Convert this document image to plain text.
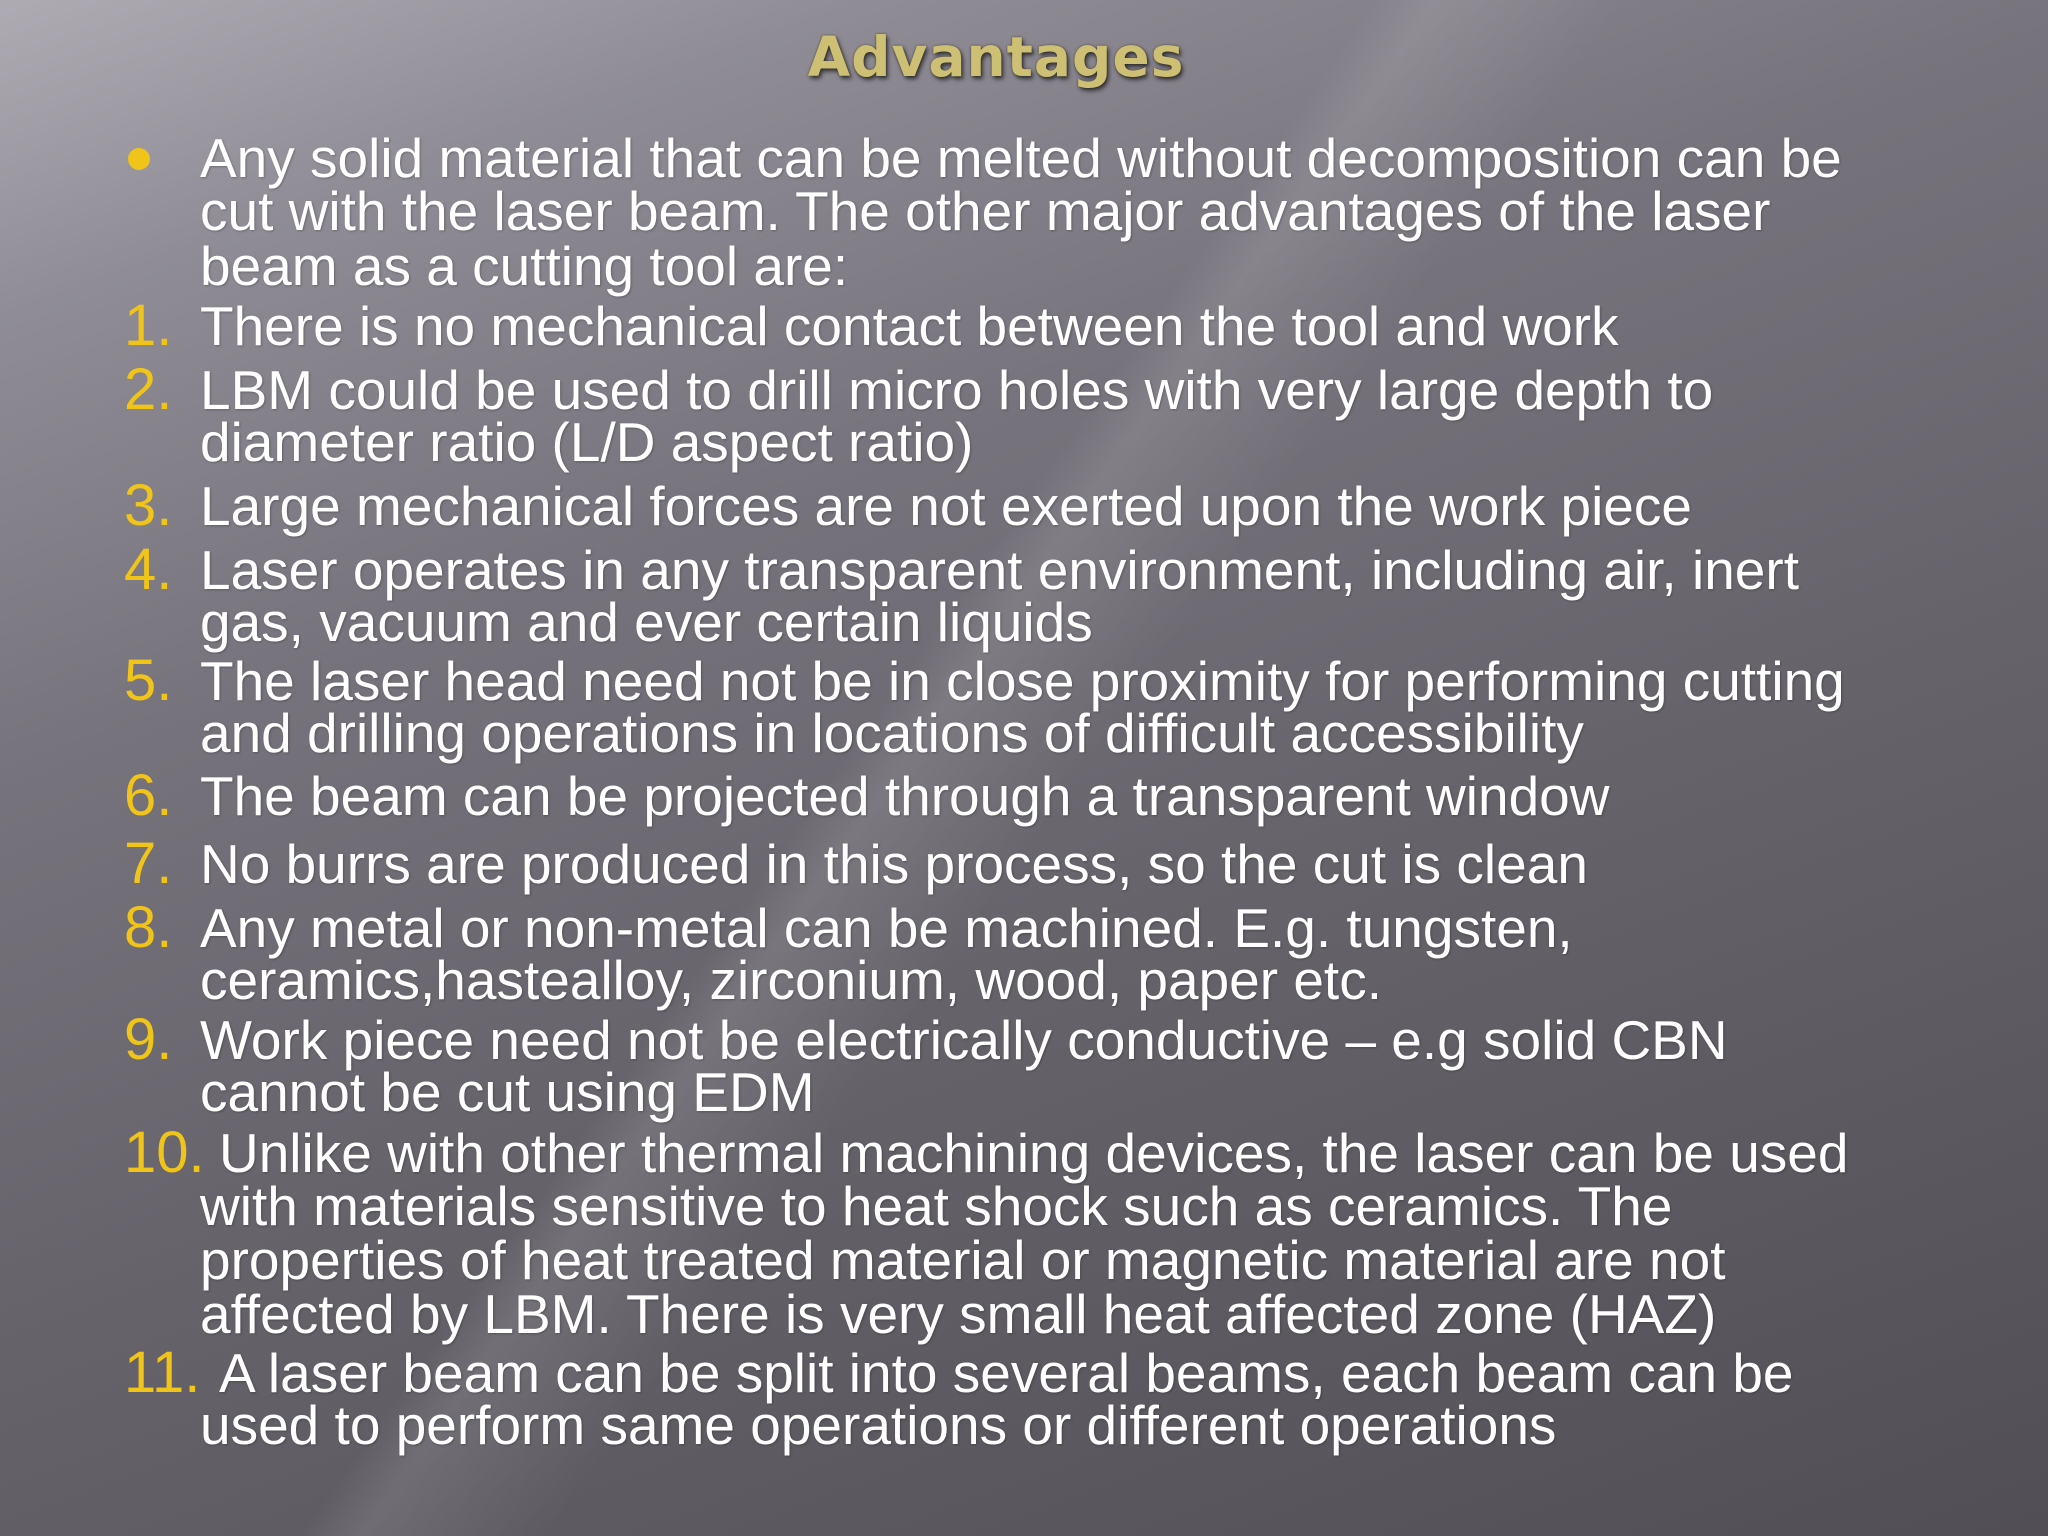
Advantages
Any solid material that can be melted without decomposition can be
cut with the laser beam. The other major advantages of the laser
beam as a cutting tool are:
1. There is no mechanical contact between the tool and work
2. LBM could be used to drill micro holes with very large depth to
diameter ratio (L/D aspect ratio)
3. Large mechanical forces are not exerted upon the work piece
4. Laser operates in any transparent environment, including air, inert
gas, vacuum and ever certain liquids
5. The laser head need not be in close proximity for performing cutting
and drilling operations in locations of difficult accessibility
6. The beam can be projected through a transparent window
7. No burrs are produced in this process, so the cut is clean
8. Any metal or non-metal can be machined. E.g. tungsten,
ceramics,hastealloy, zirconium, wood, paper etc.
9. Work piece need not be electrically conductive – e.g solid CBN
cannot be cut using EDM
10. Unlike with other thermal machining devices, the laser can be used
with materials sensitive to heat shock such as ceramics. The
properties of heat treated material or magnetic material are not
affected by LBM. There is very small heat affected zone (HAZ)
11. A laser beam can be split into several beams, each beam can be
used to perform same operations or different operations
